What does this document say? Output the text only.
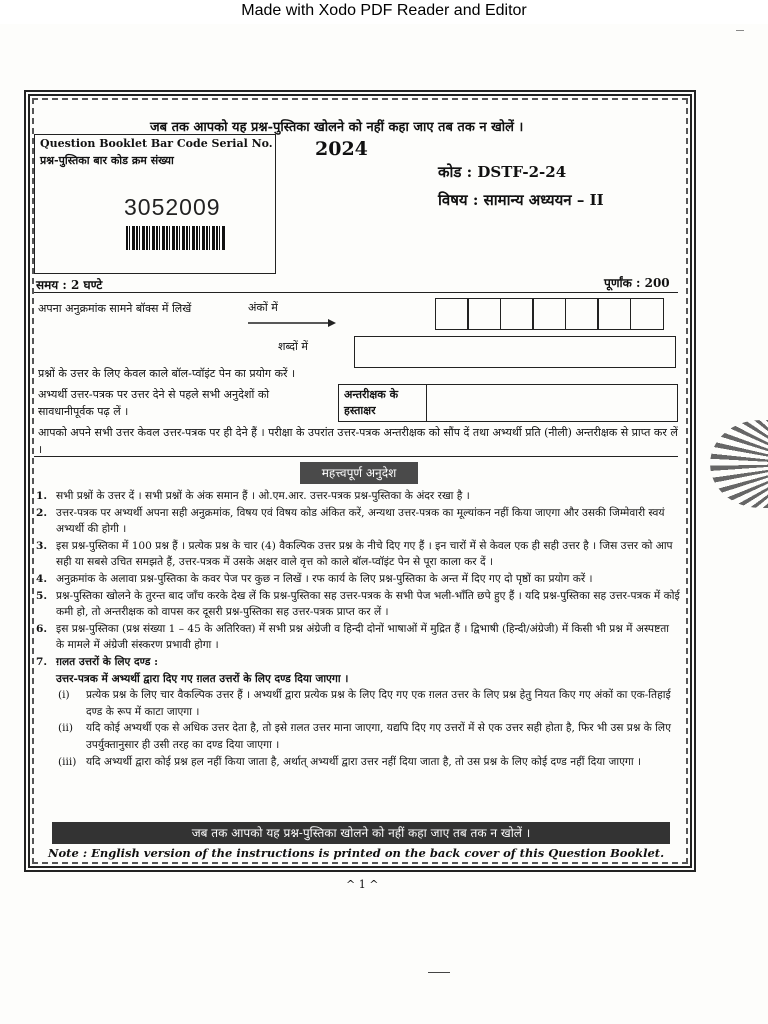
Made with Xodo PDF Reader and Editor
जब तक आपको यह प्रश्न-पुस्तिका खोलने को नहीं कहा जाए तब तक न खोलें ।
Question Booklet Bar Code Serial No.
प्रश्न-पुस्तिका बार कोड क्रम संख्या
3052009
2024
कोड : DSTF-2-24
विषय : सामान्य अध्ययन – II
समय : 2 घण्टे	पूर्णांक : 200
अपना अनुक्रमांक सामने बॉक्स में लिखें	अंकों में
शब्दों में
प्रश्नों के उत्तर के लिए केवल काले बॉल-प्वॉइंट पेन का प्रयोग करें ।
अभ्यर्थी उत्तर-पत्रक पर उत्तर देने से पहले सभी अनुदेशों को सावधानीपूर्वक पढ़ लें ।
अन्तरीक्षक के हस्ताक्षर
आपको अपने सभी उत्तर केवल उत्तर-पत्रक पर ही देने हैं । परीक्षा के उपरांत उत्तर-पत्रक अन्तरीक्षक को सौंप दें तथा अभ्यर्थी प्रति (नीली) अन्तरीक्षक से प्राप्त कर लें ।
महत्त्वपूर्ण अनुदेश
1. सभी प्रश्नों के उत्तर दें । सभी प्रश्नों के अंक समान हैं । ओ.एम.आर. उत्तर-पत्रक प्रश्न-पुस्तिका के अंदर रखा है ।
2. उत्तर-पत्रक पर अभ्यर्थी अपना सही अनुक्रमांक, विषय एवं विषय कोड अंकित करें, अन्यथा उत्तर-पत्रक का मूल्यांकन नहीं किया जाएगा और उसकी जिम्मेवारी स्वयं अभ्यर्थी की होगी ।
3. इस प्रश्न-पुस्तिका में 100 प्रश्न हैं । प्रत्येक प्रश्न के चार (4) वैकल्पिक उत्तर प्रश्न के नीचे दिए गए हैं । इन चारों में से केवल एक ही सही उत्तर है । जिस उत्तर को आप सही या सबसे उचित समझते हैं, उत्तर-पत्रक में उसके अक्षर वाले वृत्त को काले बॉल-प्वॉइंट पेन से पूरा काला कर दें ।
4. अनुक्रमांक के अलावा प्रश्न-पुस्तिका के कवर पेज पर कुछ न लिखें । रफ कार्य के लिए प्रश्न-पुस्तिका के अन्त में दिए गए दो पृष्ठों का प्रयोग करें ।
5. प्रश्न-पुस्तिका खोलने के तुरन्त बाद जाँच करके देख लें कि प्रश्न-पुस्तिका सह उत्तर-पत्रक के सभी पेज भली-भाँति छपे हुए हैं । यदि प्रश्न-पुस्तिका सह उत्तर-पत्रक में कोई कमी हो, तो अन्तरीक्षक को वापस कर दूसरी प्रश्न-पुस्तिका सह उत्तर-पत्रक प्राप्त कर लें ।
6. इस प्रश्न-पुस्तिका (प्रश्न संख्या 1 – 45 के अतिरिक्त) में सभी प्रश्न अंग्रेजी व हिन्दी दोनों भाषाओं में मुद्रित हैं । द्विभाषी (हिन्दी/अंग्रेजी) में किसी भी प्रश्न में अस्पष्टता के मामले में अंग्रेजी संस्करण प्रभावी होगा ।
7. ग़लत उत्तरों के लिए दण्ड :
उत्तर-पत्रक में अभ्यर्थी द्वारा दिए गए ग़लत उत्तरों के लिए दण्ड दिया जाएगा ।
(i)	प्रत्येक प्रश्न के लिए चार वैकल्पिक उत्तर हैं । अभ्यर्थी द्वारा प्रत्येक प्रश्न के लिए दिए गए एक ग़लत उत्तर के लिए प्रश्न हेतु नियत किए गए अंकों का एक-तिहाई दण्ड के रूप में काटा जाएगा ।
(ii)	यदि कोई अभ्यर्थी एक से अधिक उत्तर देता है, तो इसे ग़लत उत्तर माना जाएगा, यद्यपि दिए गए उत्तरों में से एक उत्तर सही होता है, फिर भी उस प्रश्न के लिए उपर्युक्तानुसार ही उसी तरह का दण्ड दिया जाएगा ।
(iii) यदि अभ्यर्थी द्वारा कोई प्रश्न हल नहीं किया जाता है, अर्थात् अभ्यर्थी द्वारा उत्तर नहीं दिया जाता है, तो उस प्रश्न के लिए कोई दण्ड नहीं दिया जाएगा ।
जब तक आपको यह प्रश्न-पुस्तिका खोलने को नहीं कहा जाए तब तक न खोलें ।
Note : English version of the instructions is printed on the back cover of this Question Booklet.
^ 1 ^
